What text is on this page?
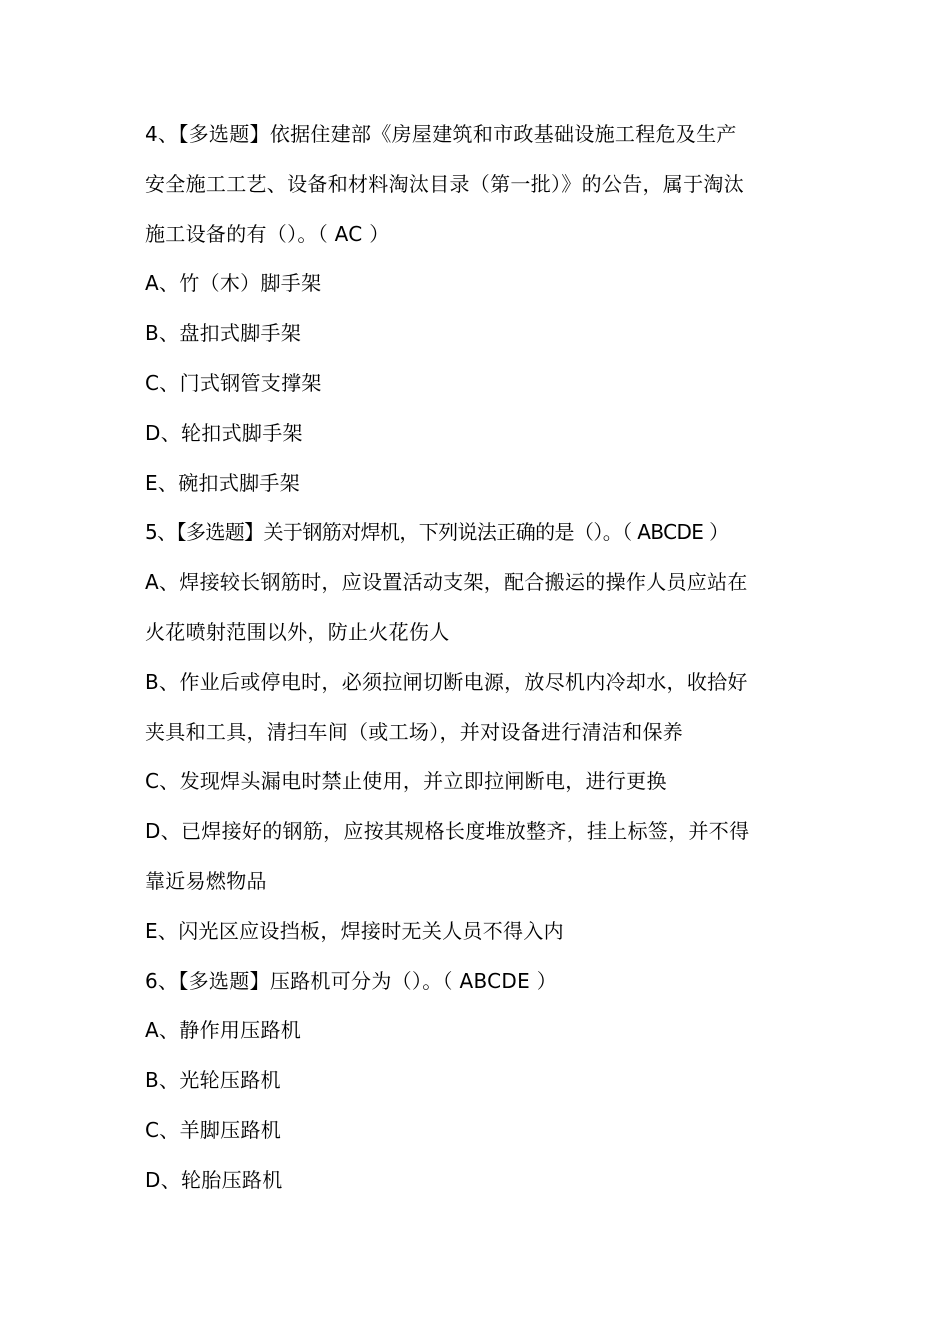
4、【多选题】依据住建部《房屋建筑和市政基础设施工程危及生产
安全施工工艺、设备和材料淘汰目录（第一批）》的公告，属于淘汰
施工设备的有（）。（ AC ）
A、竹（木）脚手架
B、盘扣式脚手架
C、门式钢管支撑架
D、轮扣式脚手架
E、碗扣式脚手架
5、【多选题】关于钢筋对焊机，下列说法正确的是（）。（ ABCDE ）
A、焊接较长钢筋时，应设置活动支架，配合搬运的操作人员应站在
火花喷射范围以外，防止火花伤人
B、作业后或停电时，必须拉闸切断电源，放尽机内冷却水，收拾好
夹具和工具，清扫车间（或工场），并对设备进行清洁和保养
C、发现焊头漏电时禁止使用，并立即拉闸断电，进行更换
D、已焊接好的钢筋，应按其规格长度堆放整齐，挂上标签，并不得
靠近易燃物品
E、闪光区应设挡板，焊接时无关人员不得入内
6、【多选题】压路机可分为（）。（ ABCDE ）
A、静作用压路机
B、光轮压路机
C、羊脚压路机
D、轮胎压路机
